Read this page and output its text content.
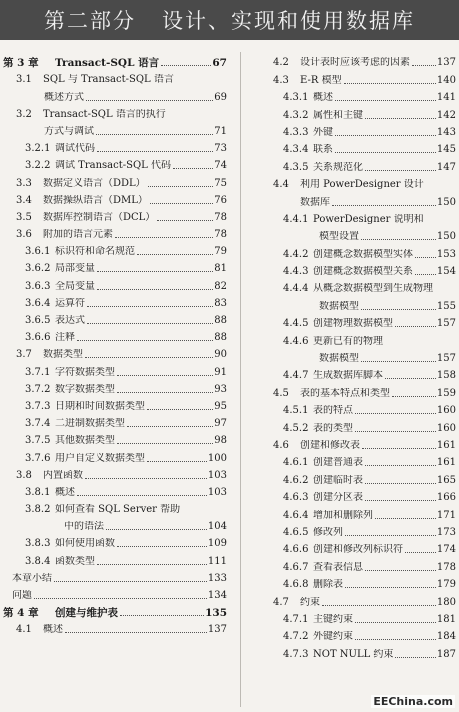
第二部分   设计、实现和使用数据库
第 3 章	Transact-SQL 语言	67
3.1	SQL 与 Transact-SQL 语言
概述方式	69
3.2	Transact-SQL 语言的执行
方式与调试	71
3.2.1 调试代码	73
3.2.2 调试 Transact-SQL 代码	74
3.3	数据定义语言（DDL）	75
3.4	数据操纵语言（DML）	76
3.5	数据库控制语言（DCL）	78
3.6	附加的语言元素	78
3.6.1 标识符和命名规范	79
3.6.2 局部变量	81
3.6.3 全局变量	82
3.6.4 运算符	83
3.6.5 表达式	88
3.6.6 注释	88
3.7	数据类型	90
3.7.1 字符数据类型	91
3.7.2 数字数据类型	93
3.7.3 日期和时间数据类型	95
3.7.4 二进制数据类型	97
3.7.5 其他数据类型	98
3.7.6 用户自定义数据类型	100
3.8	内置函数	103
3.8.1 概述	103
3.8.2 如何查看 SQL Server 帮助
中的语法	104
3.8.3 如何使用函数	109
3.8.4 函数类型	111
本章小结	133
问题	134
第 4 章	创建与维护表	135
4.1	概述	137
4.2	设计表时应该考虑的因素	137
4.3	E-R 模型	140
4.3.1 概述	141
4.3.2 属性和主键	142
4.3.3 外键	143
4.3.4 联系	145
4.3.5 关系规范化	147
4.4	利用 PowerDesigner 设计
数据库	150
4.4.1 PowerDesigner 说明和
模型设置	150
4.4.2 创建概念数据模型实体 153
4.4.3 创建概念数据模型关系 154
4.4.4 从概念数据模型到生成物理
数据模型	155
4.4.5 创建物理数据模型	157
4.4.6 更新已有的物理
数据模型	157
4.4.7 生成数据库脚本	158
4.5	表的基本特点和类型	159
4.5.1 表的特点	160
4.5.2 表的类型	160
4.6	创建和修改表	161
4.6.1 创建普通表	161
4.6.2 创建临时表	165
4.6.3 创建分区表	166
4.6.4 增加和删除列	171
4.6.5 修改列	173
4.6.6 创建和修改列标识符	174
4.6.7 查看表信息	178
4.6.8 删除表	179
4.7	约束	180
4.7.1 主键约束	181
4.7.2 外键约束	184
4.7.3 NOT NULL 约束	187
EEChina.com
